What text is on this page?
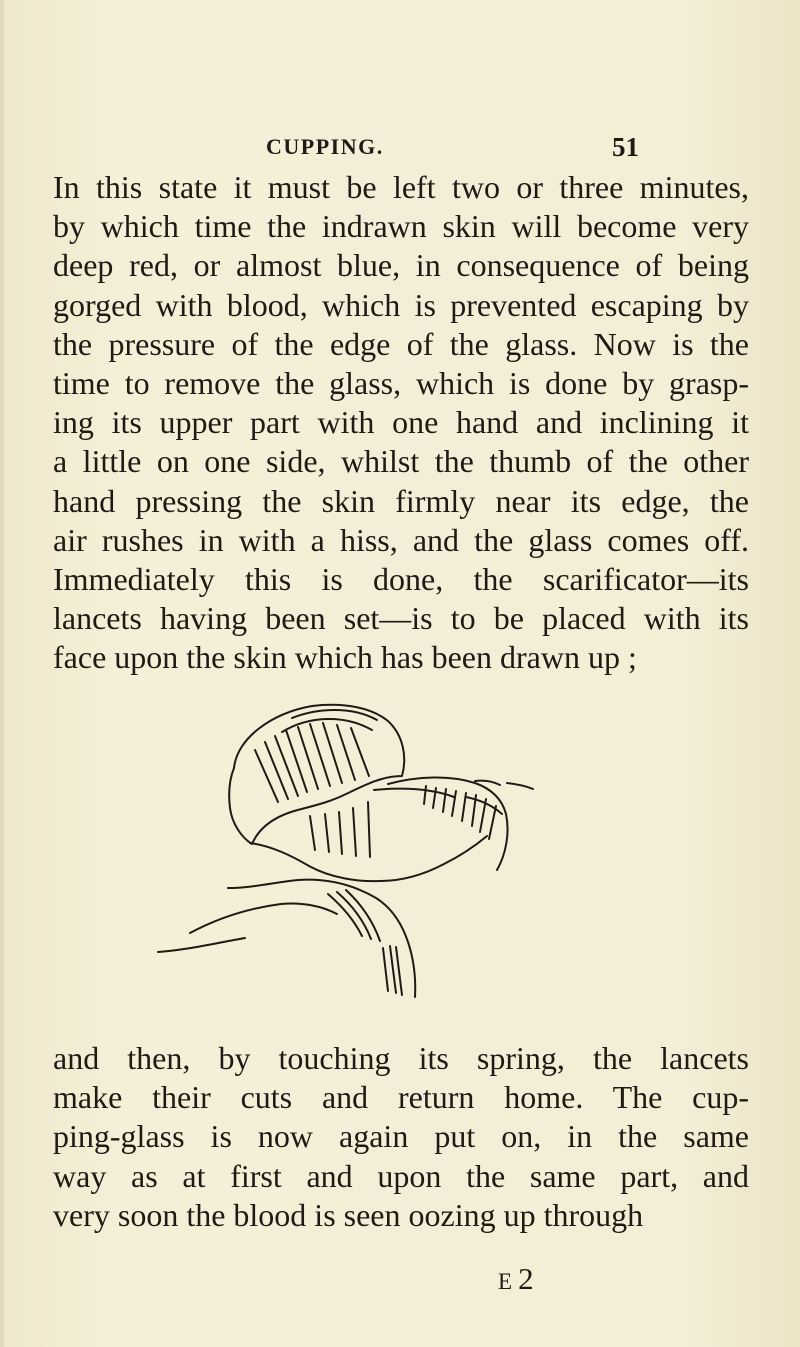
CUPPING.	51
In this state it must be left two or three minutes,
by which time the indrawn skin will become very
deep red, or almost blue, in consequence of being
gorged with blood, which is prevented escaping by
the pressure of the edge of the glass. Now is the
time to remove the glass, which is done by grasp-
ing its upper part with one hand and inclining it
a little on one side, whilst the thumb of the other
hand pressing the skin firmly near its edge, the
air rushes in with a hiss, and the glass comes off.
Immediately this is done, the scarificator—its
lancets having been set—is to be placed with its
face upon the skin which has been drawn up ;
and then, by touching its spring, the lancets
make their cuts and return home. The cup-
ping-glass is now again put on, in the same
way as at first and upon the same part, and
very soon the blood is seen oozing up through
E2
